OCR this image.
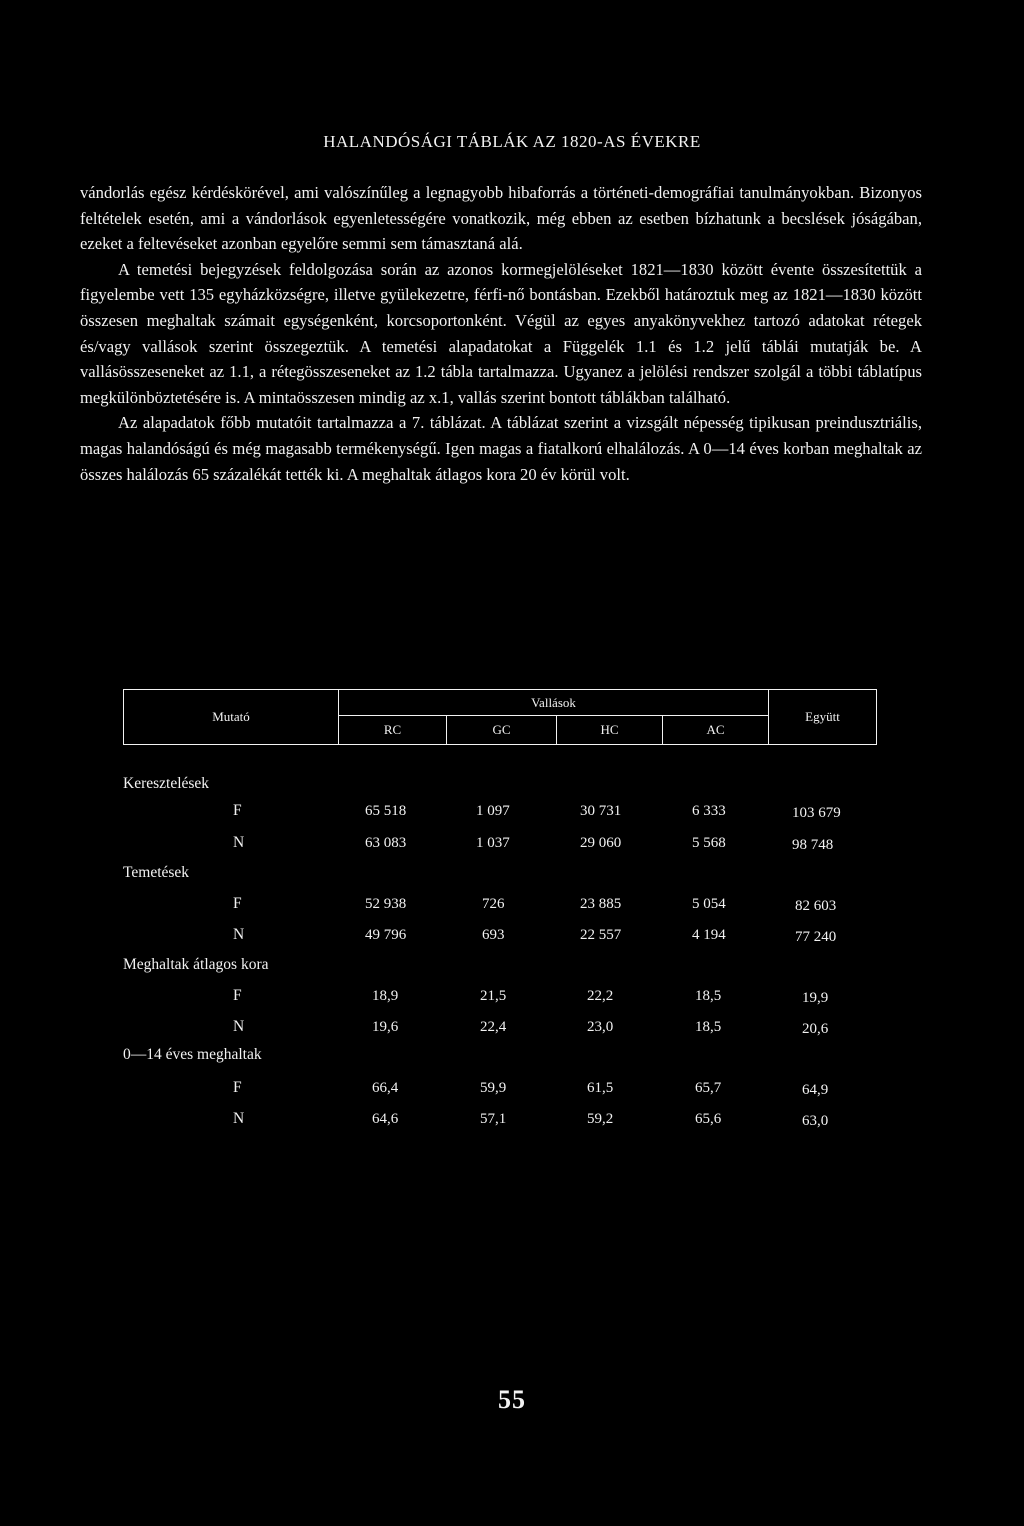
HALANDÓSÁGI TÁBLÁK AZ 1820-AS ÉVEKRE

vándorlás egész kérdéskörével, ami valószínűleg a legnagyobb hibaforrás a történeti-demográfiai tanulmányokban. Bizonyos feltételek esetén, ami a vándorlások egyenletességére vonatkozik, még ebben az esetben bízhatunk a becslések jóságában, ezeket a feltevéseket azonban egyelőre semmi sem támasztaná alá.

A temetési bejegyzések feldolgozása során az azonos kormegjelöléseket 1821—1830 között évente összesítettük a figyelembe vett 135 egyházközségre, illetve gyülekezetre, férfi-nő bontásban. Ezekből határoztuk meg az 1821—1830 között összesen meghaltak számait egységenként, korcsoportonként. Végül az egyes anyakönyvekhez tartozó adatokat rétegek és/vagy vallások szerint összegeztük. A temetési alapadatokat a Függelék 1.1 és 1.2 jelű táblái mutatják be. A vallásösszeseneket az 1.1, a rétegösszeseneket az 1.2 tábla tartalmazza. Ugyanez a jelölési rendszer szolgál a többi táblatípus megkülönböztetésére is. A mintaösszesen mindig az x.1, vallás szerint bontott táblákban található.

Az alapadatok főbb mutatóit tartalmazza a 7. táblázat. A táblázat szerint a vizsgált népesség tipikusan preindusztriális, magas halandóságú és még magasabb termékenységű. Igen magas a fiatalkorú elhalálozás. A 0—14 éves korban meghaltak az összes halálozás 65 százalékát tették ki. A meghaltak átlagos kora 20 év körül volt.

Mutató
Vallások
RC	GC	HC	AC
Együtt
Keresztelések
F	65 518	1 097	30 731	6 333	103 679
N	63 083	1 037	29 060	5 568	98 748
Temetések
F	52 938	726	23 885	5 054	82 603
N	49 796	693	22 557	4 194	77 240
Meghaltak átlagos kora
F	18,9	21,5	22,2	18,5	19,9
N	19,6	22,4	23,0	18,5	20,6
0—14 éves meghaltak
F	66,4	59,9	61,5	65,7	64,9
N	64,6	57,1	59,2	65,6	63,0
55
